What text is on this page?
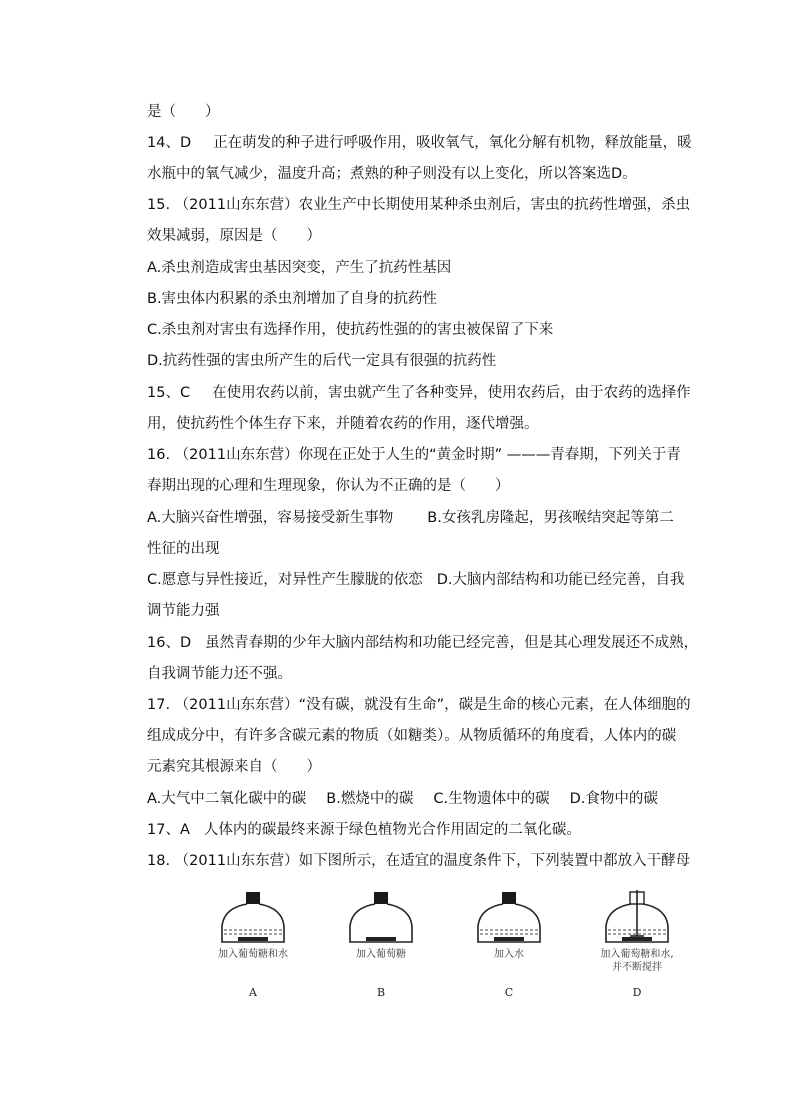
是（　　）
14、D 正在萌发的种子进行呼吸作用，吸收氧气，氧化分解有机物，释放能量，暖
水瓶中的氧气减少，温度升高；煮熟的种子则没有以上变化，所以答案选D。
15. （2011山东东营）农业生产中长期使用某种杀虫剂后，害虫的抗药性增强，杀虫
效果减弱，原因是（　　）
A.杀虫剂造成害虫基因突变，产生了抗药性基因
B.害虫体内积累的杀虫剂增加了自身的抗药性
C.杀虫剂对害虫有选择作用，使抗药性强的的害虫被保留了下来
D.抗药性强的害虫所产生的后代一定具有很强的抗药性
15、C 在使用农药以前，害虫就产生了各种变异，使用农药后，由于农药的选择作
用，使抗药性个体生存下来，并随着农药的作用，逐代增强。
16. （2011山东东营）你现在正处于人生的“黄金时期” ———青春期，下列关于青
春期出现的心理和生理现象，你认为不正确的是（　　）
A.大脑兴奋性增强，容易接受新生事物 B.女孩乳房隆起，男孩喉结突起等第二
性征的出现
C.愿意与异性接近，对异性产生朦胧的依恋 D.大脑内部结构和功能已经完善，自我
调节能力强
16、D 虽然青春期的少年大脑内部结构和功能已经完善，但是其心理发展还不成熟，
自我调节能力还不强。
17. （2011山东东营）“没有碳，就没有生命”，碳是生命的核心元素，在人体细胞的
组成成分中，有许多含碳元素的物质（如糖类）。从物质循环的角度看，人体内的碳
元素究其根源来自（　　）
A.大气中二氧化碳中的碳 B.燃烧中的碳 C.生物遗体中的碳 D.食物中的碳
17、A 人体内的碳最终来源于绿色植物光合作用固定的二氧化碳。
18. （2011山东东营）如下图所示，在适宜的温度条件下，下列装置中都放入干酵母
加入葡萄糖和水
A
加入葡萄糖
B
加入水
C
加入葡萄糖和水,并不断搅拌
D
